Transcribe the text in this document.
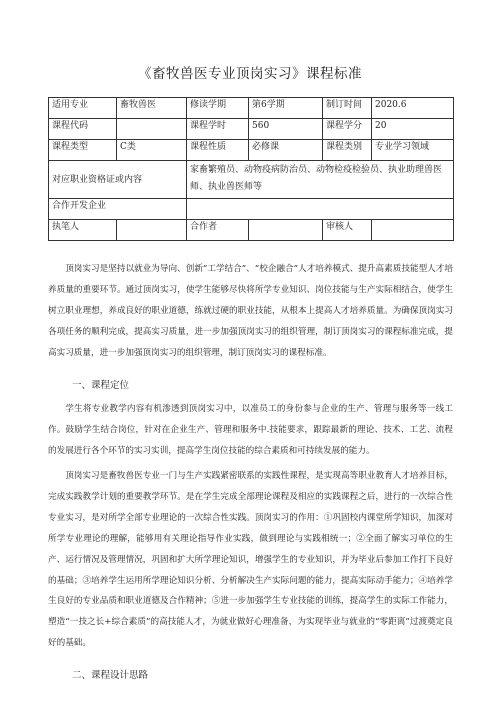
《畜牧兽医专业顶岗实习》课程标准
适用专业	畜牧兽医	修读学期	第6学期	制订时间	2020.6
课程代码		课程学时	560	课程学分	20
课程类型	C类	课程性质	必修课	课程类别	专业学习领域
对应职业资格证或内容		家畜繁殖员、动物疫病防治员、动物检疫检验员、执业助理兽医师、执业兽医师等			
合作开发企业					
执笔人		合作者		审核人	

顶岗实习是坚持以就业为导向、创新“工学结合”、“校企融合”人才培养模式、提升高素质技能型人才培养质量的重要环节。通过顶岗实习，使学生能够尽快将所学专业知识、岗位技能与生产实际相结合，使学生树立职业理想，养成良好的职业道德，练就过硬的职业技能，从根本上提高人才培养质量。为确保顶岗实习各项任务的顺利完成，提高实习质量，进一步加强顶岗实习的组织管理，制订顶岗实习的课程标准完成，提高实习质量，进一步加强顶岗实习的组织管理，制订顶岗实习的课程标准。

一、课程定位

学生将专业教学内容有机渗透到顶岗实习中，以准员工的身份参与企业的生产、管理与服务等一线工作。鼓励学生结合岗位，针对在企业生产、管理和服务中.技能要求，跟踪最新的理论、技术、工艺、流程的发展进行各个环节的实习实训，提高学生岗位技能的综合素质和可持续发展的能力。

顶岗实习是畜牧兽医专业一门与生产实践紧密联系的实践性课程，是实现高等职业教育人才培养目标，完成实践教学计划的重要教学环节。是在学生完成全部理论课程及相应的实践课程之后，进行的一次综合性专业实习，是对所学全部专业理论的一次综合性实践。顶岗实习的作用：①巩固校内课堂所学知识，加深对所学专业理论的理解，能够用有关理论指导作业实践，做到理论与实践相统一；②全面了解实习单位的生产、运行情况及管理情况，巩固和扩大所学理论知识，增强学生的专业知识，并为毕业后参加工作打下良好的基础；③培养学生运用所学理论知识分析、分析解决生产实际问题的能力，提高实际动手能力；④培养学生良好的专业品质和职业道德及合作精神；⑤进一步加强学生专业技能的训练，提高学生的实际工作能力，塑造“一技之长+综合素质”的高技能人才，为就业做好心理准备，为实现毕业与就业的“零距离”过渡奠定良好的基础。

二、课程设计思路
